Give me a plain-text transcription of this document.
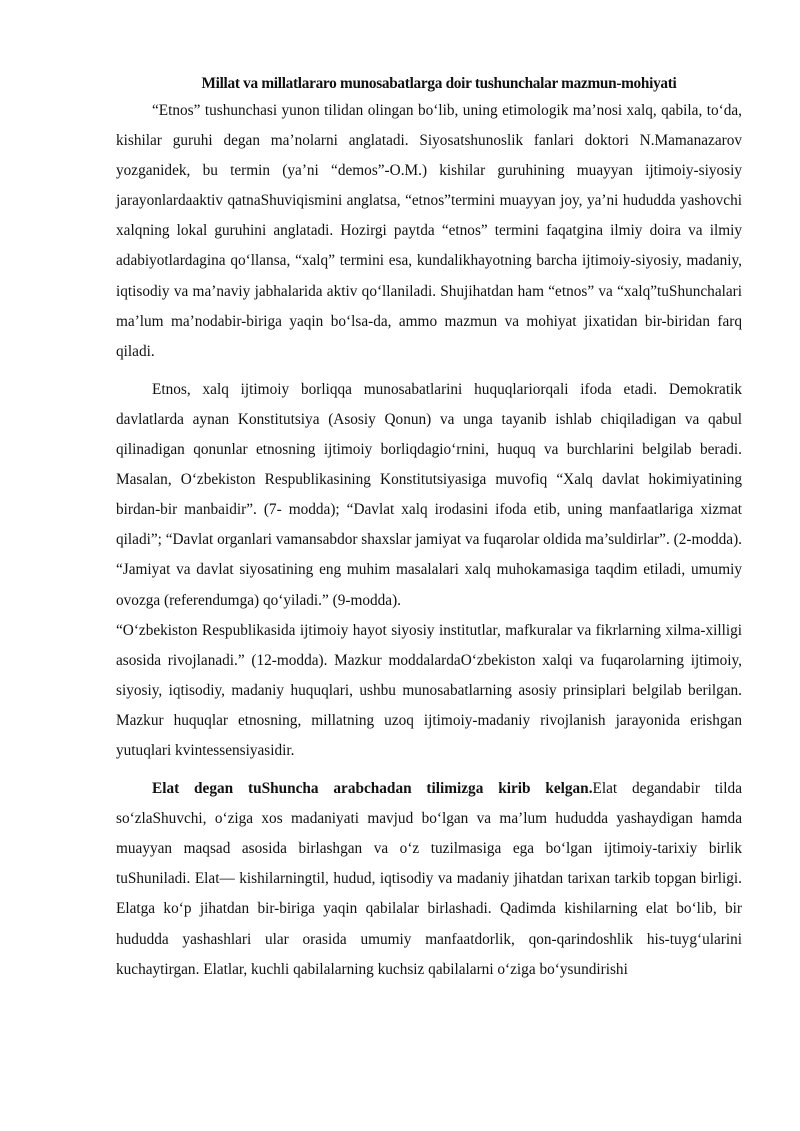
Millat va millatlararo munosabatlarga doir tushunchalar mazmun-mohiyati

“Etnos” tushunchasi yunon tilidan olingan bo‘lib, uning etimologik ma’nosi xalq, qabila, to‘da, kishilar guruhi degan ma’nolarni anglatadi. Siyosatshunoslik fanlari doktori N.Mamanazarov yozganidek, bu termin (ya’ni “demos”-O.M.) kishilar guruhining muayyan ijtimoiy-siyosiy jarayonlardaaktiv qatnaShuviqismini anglatsa, “etnos”termini muayyan joy, ya’ni hududda yashovchi xalqning lokal guruhini anglatadi. Hozirgi paytda “etnos” termini faqatgina ilmiy doira va ilmiy adabiyotlardagina qo‘llansa, “xalq” termini esa, kundalikhayotning barcha ijtimoiy-siyosiy, madaniy, iqtisodiy va ma’naviy jabhalarida aktiv qo‘llaniladi. Shujihatdan ham “etnos” va “xalq”tuShunchalari ma’lum ma’nodabir-biriga yaqin bo‘lsa-da, ammo mazmun va mohiyat jixatidan bir-biridan farq qiladi.

Etnos, xalq ijtimoiy borliqqa munosabatlarini huquqlariorqali ifoda etadi. Demokratik davlatlarda aynan Konstitutsiya (Asosiy Qonun) va unga tayanib ishlab chiqiladigan va qabul qilinadigan qonunlar etnosning ijtimoiy borliqdagio‘rnini, huquq va burchlarini belgilab beradi. Masalan, O‘zbekiston Respublikasining Konstitutsiyasiga muvofiq “Xalq davlat hokimiyatining birdan-bir manbaidir”. (7- modda); “Davlat xalq irodasini ifoda etib, uning manfaatlariga xizmat qiladi”; “Davlat organlari vamansabdor shaxslar jamiyat va fuqarolar oldida ma’suldirlar”. (2-modda). “Jamiyat va davlat siyosatining eng muhim masalalari xalq muhokamasiga taqdim etiladi, umumiy ovozga (referendumga) qo‘yiladi.” (9-modda).

“O‘zbekiston Respublikasida ijtimoiy hayot siyosiy institutlar, mafkuralar va fikrlarning xilma-xilligi asosida rivojlanadi.” (12-modda). Mazkur moddalardaO‘zbekiston xalqi va fuqarolarning ijtimoiy, siyosiy, iqtisodiy, madaniy huquqlari, ushbu munosabatlarning asosiy prinsiplari belgilab berilgan. Mazkur huquqlar etnosning, millatning uzoq ijtimoiy-madaniy rivojlanish jarayonida erishgan yutuqlari kvintessensiyasidir.

Elat degan tuShuncha arabchadan tilimizga kirib kelgan.Elat degandabir tilda so‘zlaShuvchi, o‘ziga xos madaniyati mavjud bo‘lgan va ma’lum hududda yashaydigan hamda muayyan maqsad asosida birlashgan va o‘z tuzilmasiga ega bo‘lgan ijtimoiy-tarixiy birlik tuShuniladi. Elat— kishilarningtil, hudud, iqtisodiy va madaniy jihatdan tarixan tarkib topgan birligi. Elatga ko‘p jihatdan bir-biriga yaqin qabilalar birlashadi. Qadimda kishilarning elat bo‘lib, bir hududda yashashlari ular orasida umumiy manfaatdorlik, qon-qarindoshlik his-tuyg‘ularini kuchaytirgan. Elatlar, kuchli qabilalarning kuchsiz qabilalarni o‘ziga bo‘ysundirishi
